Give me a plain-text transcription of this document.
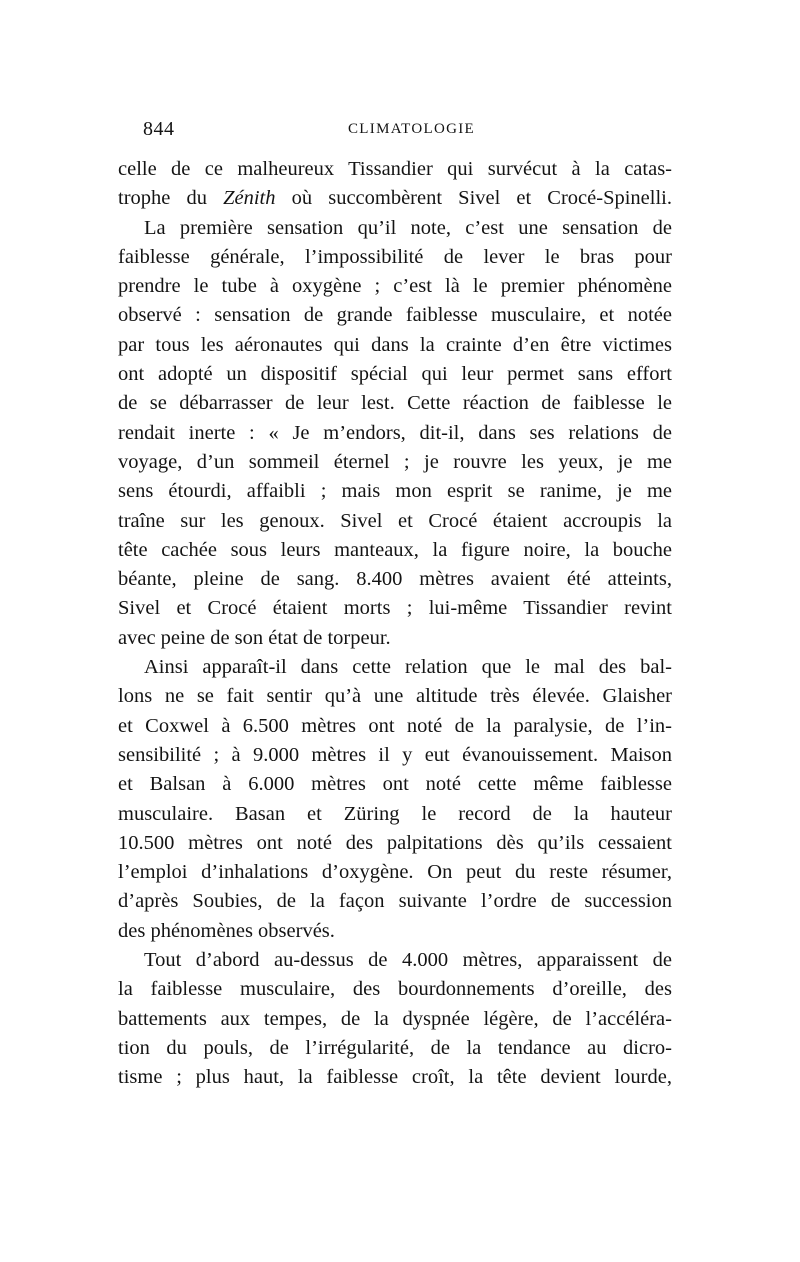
844	CLIMATOLOGIE
celle de ce malheureux Tissandier qui survécut à la catas-
trophe du Zénith où succombèrent Sivel et Crocé-Spinelli.
La première sensation qu’il note, c’est une sensation de
faiblesse générale, l’impossibilité de lever le bras pour
prendre le tube à oxygène ; c’est là le premier phénomène
observé : sensation de grande faiblesse musculaire, et notée
par tous les aéronautes qui dans la crainte d’en être victimes
ont adopté un dispositif spécial qui leur permet sans effort
de se débarrasser de leur lest. Cette réaction de faiblesse le
rendait inerte : « Je m’endors, dit-il, dans ses relations de
voyage, d’un sommeil éternel ; je rouvre les yeux, je me
sens étourdi, affaibli ; mais mon esprit se ranime, je me
traîne sur les genoux. Sivel et Crocé étaient accroupis la
tête cachée sous leurs manteaux, la figure noire, la bouche
béante, pleine de sang. 8.400 mètres avaient été atteints,
Sivel et Crocé étaient morts ; lui-même Tissandier revint
avec peine de son état de torpeur.
Ainsi apparaît-il dans cette relation que le mal des bal-
lons ne se fait sentir qu’à une altitude très élevée. Glaisher
et Coxwel à 6.500 mètres ont noté de la paralysie, de l’in-
sensibilité ; à 9.000 mètres il y eut évanouissement. Maison
et Balsan à 6.000 mètres ont noté cette même faiblesse
musculaire. Basan et Züring le record de la hauteur
10.500 mètres ont noté des palpitations dès qu’ils cessaient
l’emploi d’inhalations d’oxygène. On peut du reste résumer,
d’après Soubies, de la façon suivante l’ordre de succession
des phénomènes observés.
Tout d’abord au-dessus de 4.000 mètres, apparaissent de
la faiblesse musculaire, des bourdonnements d’oreille, des
battements aux tempes, de la dyspnée légère, de l’accéléra-
tion du pouls, de l’irrégularité, de la tendance au dicro-
tisme ; plus haut, la faiblesse croît, la tête devient lourde,
